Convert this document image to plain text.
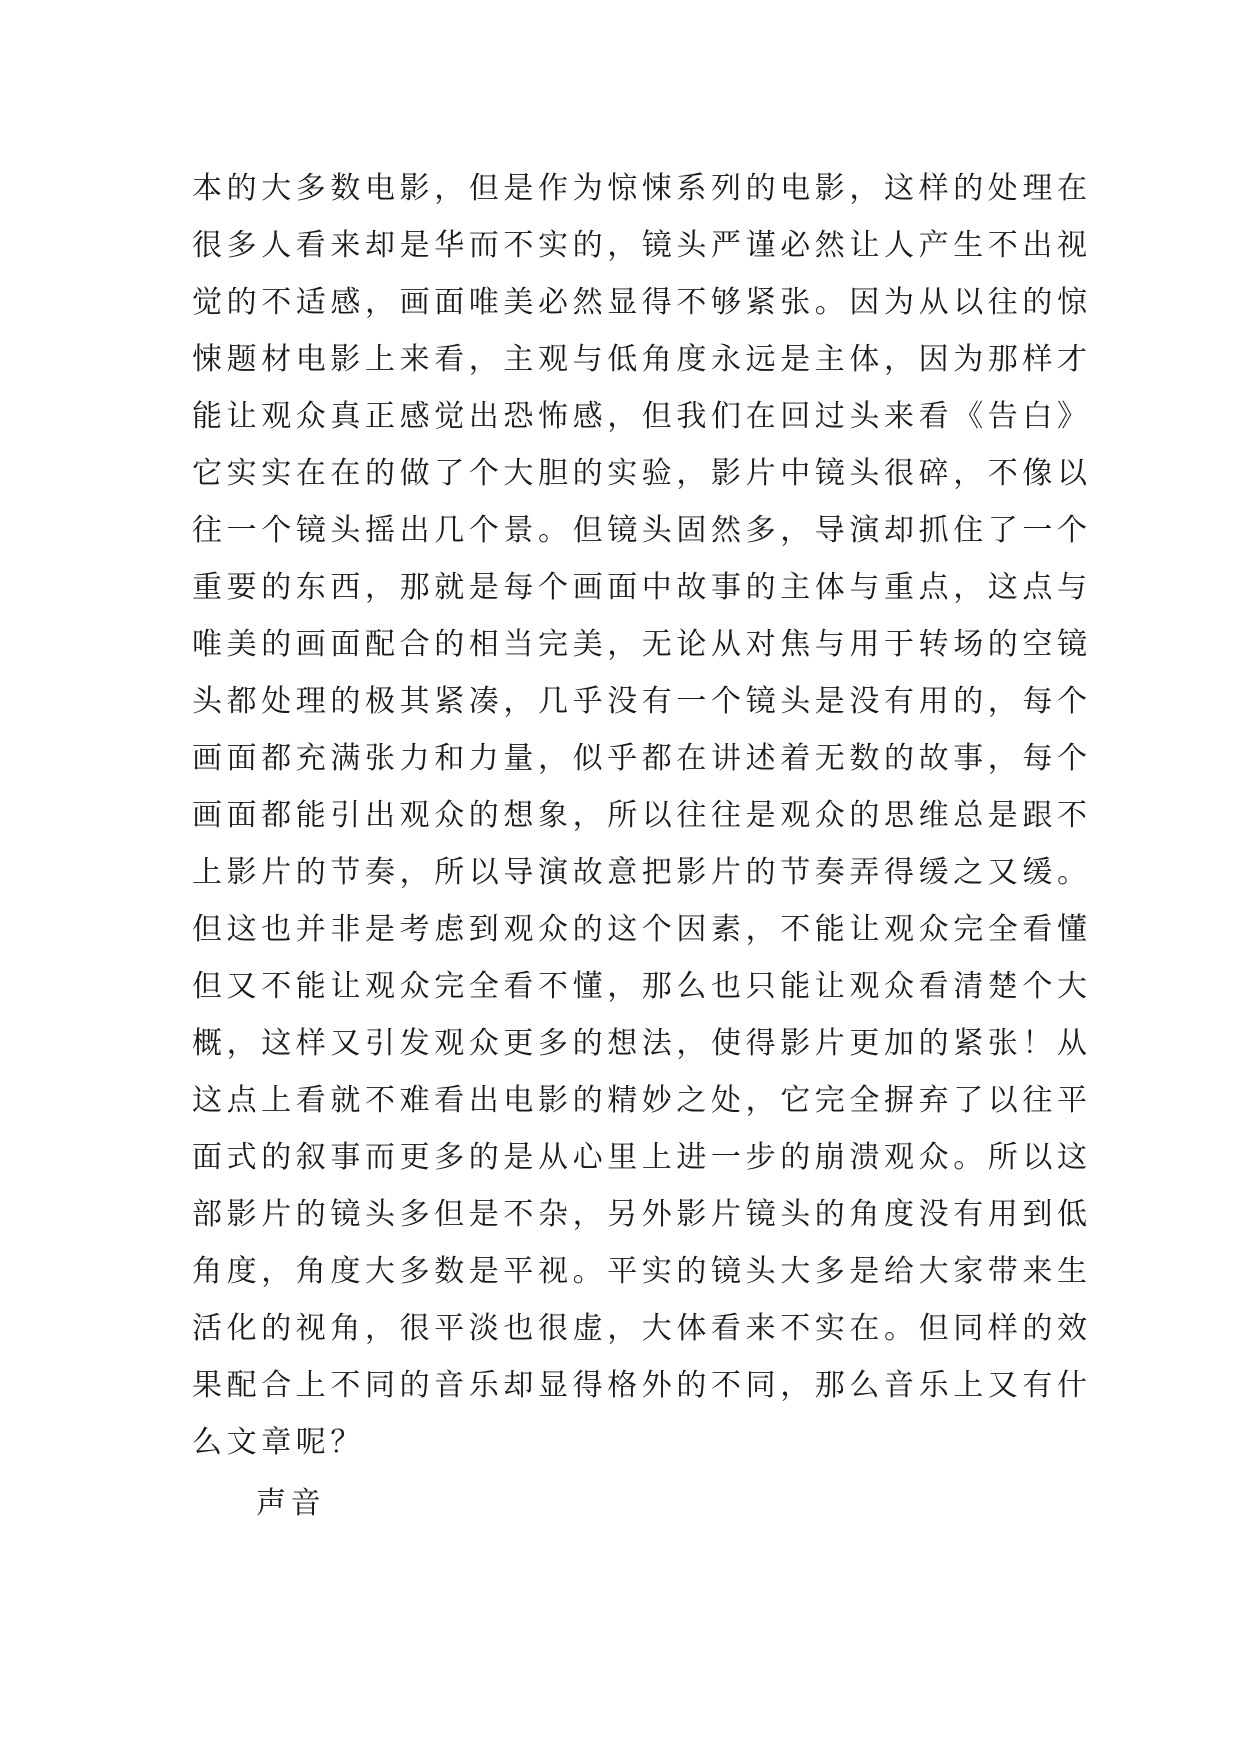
本的大多数电影，但是作为惊悚系列的电影，这样的处理在
很多人看来却是华而不实的，镜头严谨必然让人产生不出视
觉的不适感，画面唯美必然显得不够紧张。因为从以往的惊
悚题材电影上来看，主观与低角度永远是主体，因为那样才
能让观众真正感觉出恐怖感，但我们在回过头来看《告白》
它实实在在的做了个大胆的实验，影片中镜头很碎，不像以
往一个镜头摇出几个景。但镜头固然多，导演却抓住了一个
重要的东西，那就是每个画面中故事的主体与重点，这点与
唯美的画面配合的相当完美，无论从对焦与用于转场的空镜
头都处理的极其紧凑，几乎没有一个镜头是没有用的，每个
画面都充满张力和力量，似乎都在讲述着无数的故事，每个
画面都能引出观众的想象，所以往往是观众的思维总是跟不
上影片的节奏，所以导演故意把影片的节奏弄得缓之又缓。
但这也并非是考虑到观众的这个因素，不能让观众完全看懂
但又不能让观众完全看不懂，那么也只能让观众看清楚个大
概，这样又引发观众更多的想法，使得影片更加的紧张！从
这点上看就不难看出电影的精妙之处，它完全摒弃了以往平
面式的叙事而更多的是从心里上进一步的崩溃观众。所以这
部影片的镜头多但是不杂，另外影片镜头的角度没有用到低
角度，角度大多数是平视。平实的镜头大多是给大家带来生
活化的视角，很平淡也很虚，大体看来不实在。但同样的效
果配合上不同的音乐却显得格外的不同，那么音乐上又有什
么文章呢？
声音
